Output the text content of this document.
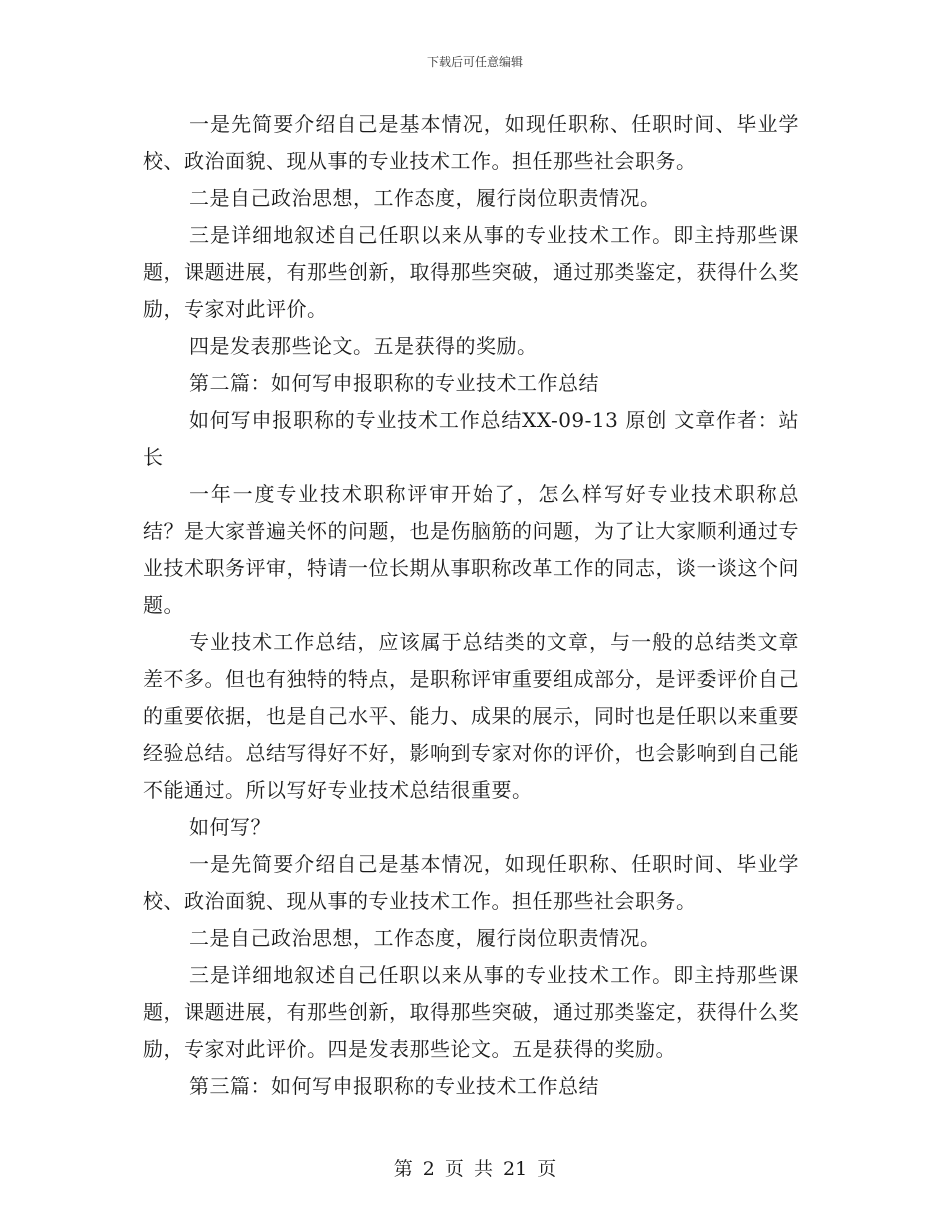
下载后可任意编辑

一是先简要介绍自己是基本情况，如现任职称、任职时间、毕业学校、政治面貌、现从事的专业技术工作。担任那些社会职务。

二是自己政治思想，工作态度，履行岗位职责情况。

三是详细地叙述自己任职以来从事的专业技术工作。即主持那些课题，课题进展，有那些创新，取得那些突破，通过那类鉴定，获得什么奖励，专家对此评价。

四是发表那些论文。五是获得的奖励。

第二篇：如何写申报职称的专业技术工作总结

如何写申报职称的专业技术工作总结XX-09-13 原创 文章作者：站长

一年一度专业技术职称评审开始了，怎么样写好专业技术职称总结？是大家普遍关怀的问题，也是伤脑筋的问题，为了让大家顺利通过专业技术职务评审，特请一位长期从事职称改革工作的同志，谈一谈这个问题。

专业技术工作总结，应该属于总结类的文章，与一般的总结类文章差不多。但也有独特的特点，是职称评审重要组成部分，是评委评价自己的重要依据，也是自己水平、能力、成果的展示，同时也是任职以来重要经验总结。总结写得好不好，影响到专家对你的评价，也会影响到自己能不能通过。所以写好专业技术总结很重要。

如何写？

一是先简要介绍自己是基本情况，如现任职称、任职时间、毕业学校、政治面貌、现从事的专业技术工作。担任那些社会职务。

二是自己政治思想，工作态度，履行岗位职责情况。

三是详细地叙述自己任职以来从事的专业技术工作。即主持那些课题，课题进展，有那些创新，取得那些突破，通过那类鉴定，获得什么奖励，专家对此评价。四是发表那些论文。五是获得的奖励。

第三篇：如何写申报职称的专业技术工作总结

第 2 页 共 21 页
